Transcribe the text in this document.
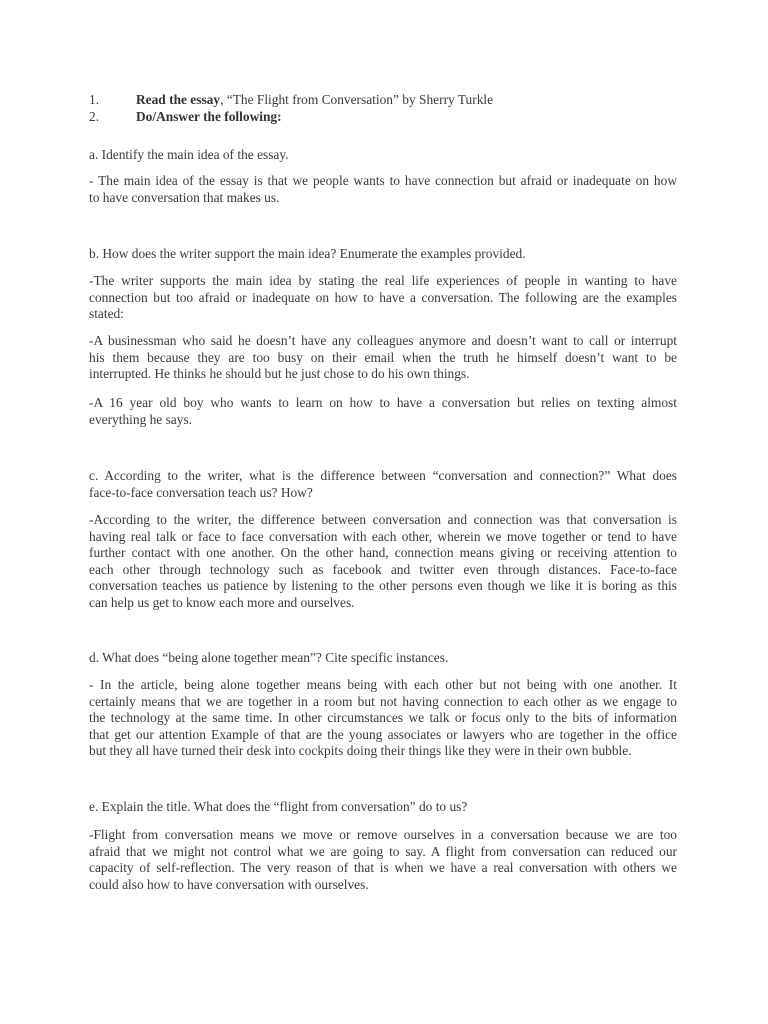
1.	Read the essay, “The Flight from Conversation” by Sherry Turkle
2.	Do/Answer the following:

a. Identify the main idea of the essay.

- The main idea of the essay is that we people wants to have connection but afraid or inadequate on how
to have conversation that makes us.

b. How does the writer support the main idea? Enumerate the examples provided.

-The writer supports the main idea by stating the real life experiences of people in wanting to have
connection but too afraid or inadequate on how to have a conversation. The following are the examples
stated:
-A businessman who said he doesn’t have any colleagues anymore and doesn’t want to call or interrupt
his them because they are too busy on their email when the truth he himself doesn’t want to be
interrupted. He thinks he should but he just chose to do his own things.
-A 16 year old boy who wants to learn on how to have a conversation but relies on texting almost
everything he says.
c. According to the writer, what is the difference between “conversation and connection?” What does
face-to-face conversation teach us? How?
-According to the writer, the difference between conversation and connection was that conversation is
having real talk or face to face conversation with each other, wherein we move together or tend to have
further contact with one another. On the other hand, connection means giving or receiving attention to
each other through technology such as facebook and twitter even through distances. Face-to-face
conversation teaches us patience by listening to the other persons even though we like it is boring as this
can help us get to know each more and ourselves.

d. What does “being alone together mean”? Cite specific instances.

- In the article, being alone together means being with each other but not being with one another. It
certainly means that we are together in a room but not having connection to each other as we engage to
the technology at the same time. In other circumstances we talk or focus only to the bits of information
that get our attention Example of that are the young associates or lawyers who are together in the office
but they all have turned their desk into cockpits doing their things like they were in their own bubble.

e. Explain the title. What does the “flight from conversation” do to us?

-Flight from conversation means we move or remove ourselves in a conversation because we are too
afraid that we might not control what we are going to say. A flight from conversation can reduced our
capacity of self-reflection. The very reason of that is when we have a real conversation with others we
could also how to have conversation with ourselves.
